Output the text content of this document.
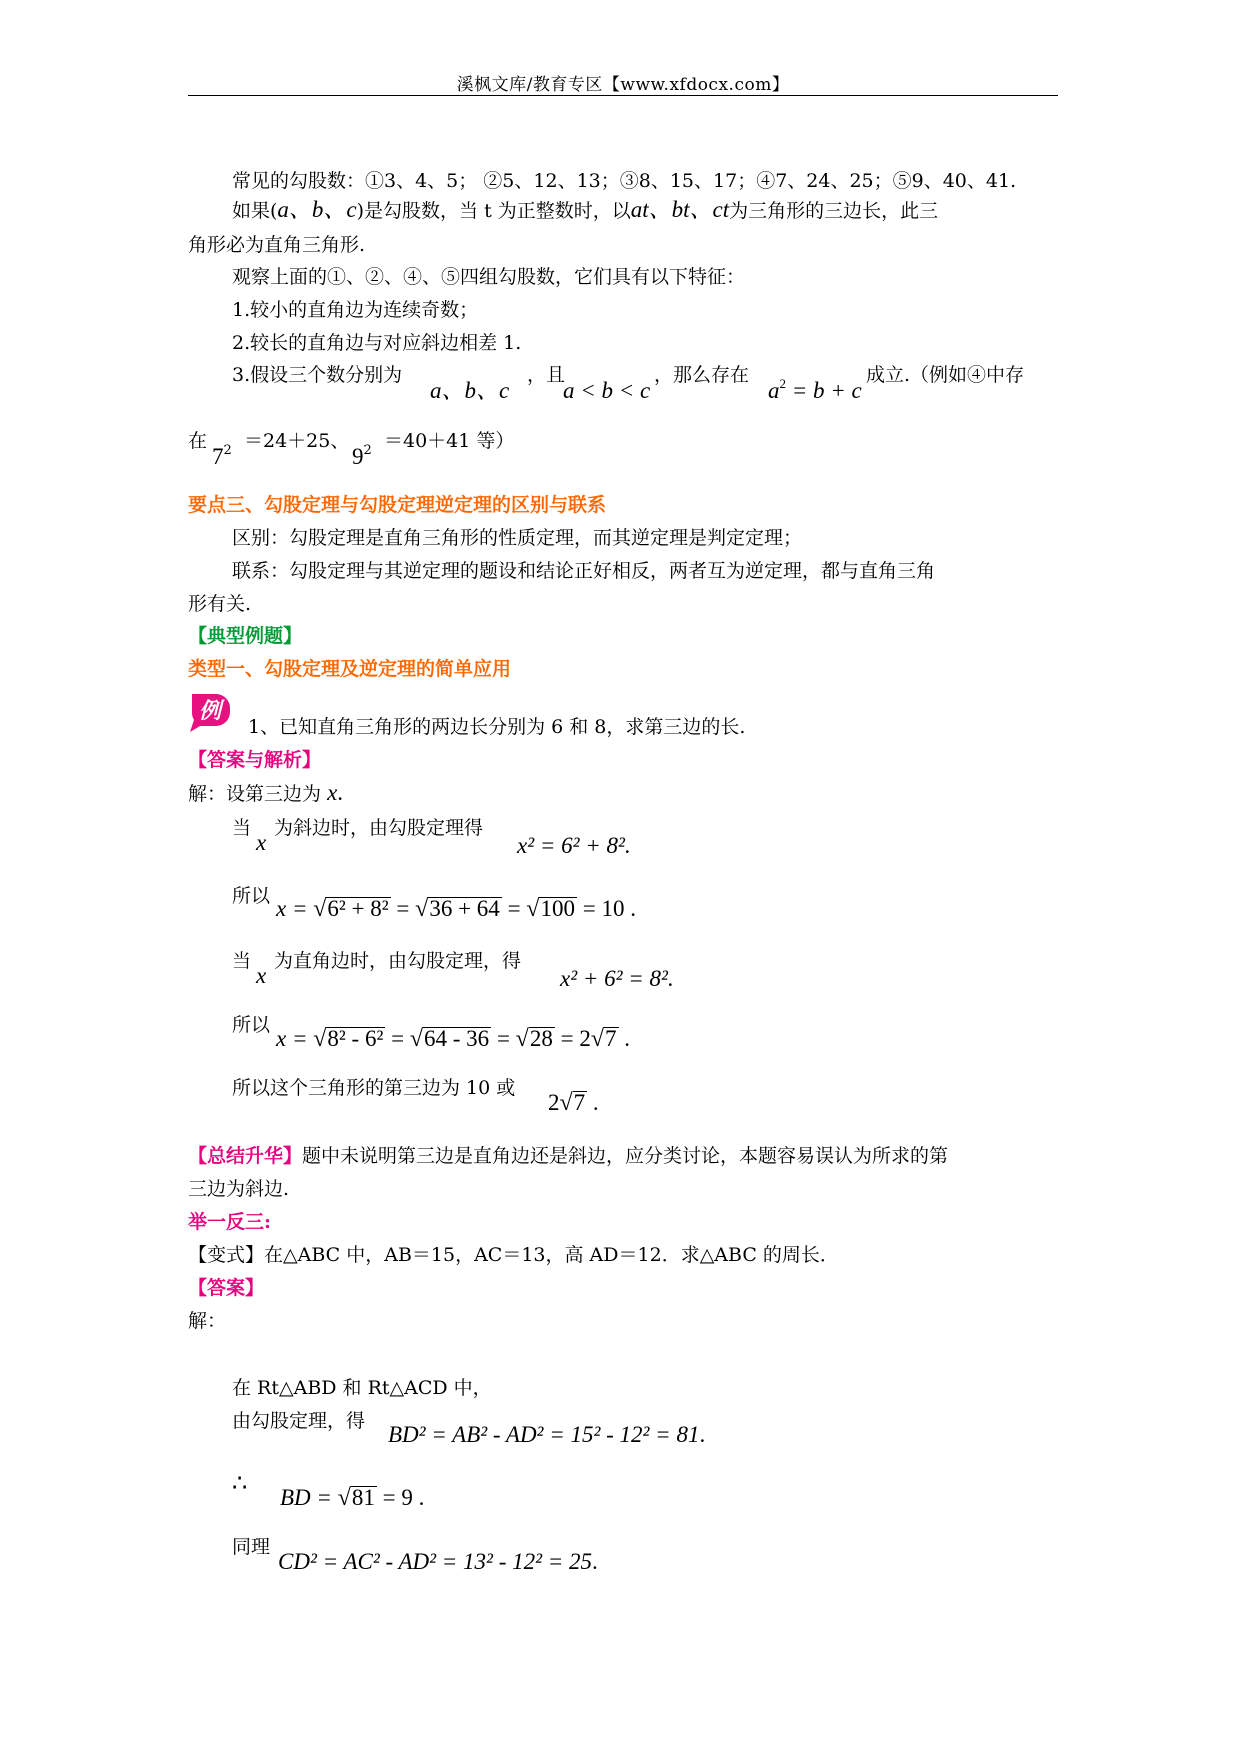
溪枫文库/教育专区【www.xfdocx.com】
常见的勾股数：①3、4、5； ②5、12、13；③8、15、17；④7、24、25；⑤9、40、41.
如果(a、b、c)是勾股数，当 t 为正整数时，以at、bt、ct为三角形的三边长，此三
角形必为直角三角形.
观察上面的①、②、④、⑤四组勾股数，它们具有以下特征：
1.较小的直角边为连续奇数；
2.较长的直角边与对应斜边相差 1.
3.假设三个数分别为
a、b、c
，且
a < b < c
，那么存在
$a^2 = b + c$
成立.（例如④中存
在
$7^2 =24+25$、
$9^2 =40+41$ 等）
要点三、勾股定理与勾股定理逆定理的区别与联系
区别：勾股定理是直角三角形的性质定理，而其逆定理是判定定理；
联系：勾股定理与其逆定理的题设和结论正好相反，两者互为逆定理，都与直角三角
形有关.
【典型例题】
类型一、勾股定理及逆定理的简单应用
例
1、已知直角三角形的两边长分别为 6 和 8，求第三边的长.
【答案与解析】
解：设第三边为 x.
当
x
为斜边时，由勾股定理得
x² = 6² + 8².
所以 x = √6² + 8² = √36 + 64 = √100 = 10 .
当
x
为直角边时，由勾股定理，得
x² + 6² = 8².
所以
x = √8² - 6² = √64 - 36 = √28 = 2√7 .
所以这个三角形的第三边为 10 或
2√7 .
【总结升华】题中未说明第三边是直角边还是斜边，应分类讨论，本题容易误认为所求的第
三边为斜边.
举一反三:
【变式】在△ABC 中，AB＝15，AC＝13，高 AD＝12．求△ABC 的周长．
【答案】
解：
在 Rt△ABD 和 Rt△ACD 中，
由勾股定理，得
BD² = AB² - AD² = 15² - 12² = 81.
∴
BD = √81 = 9 .
同理
CD² = AC² - AD² = 13² - 12² = 25.
